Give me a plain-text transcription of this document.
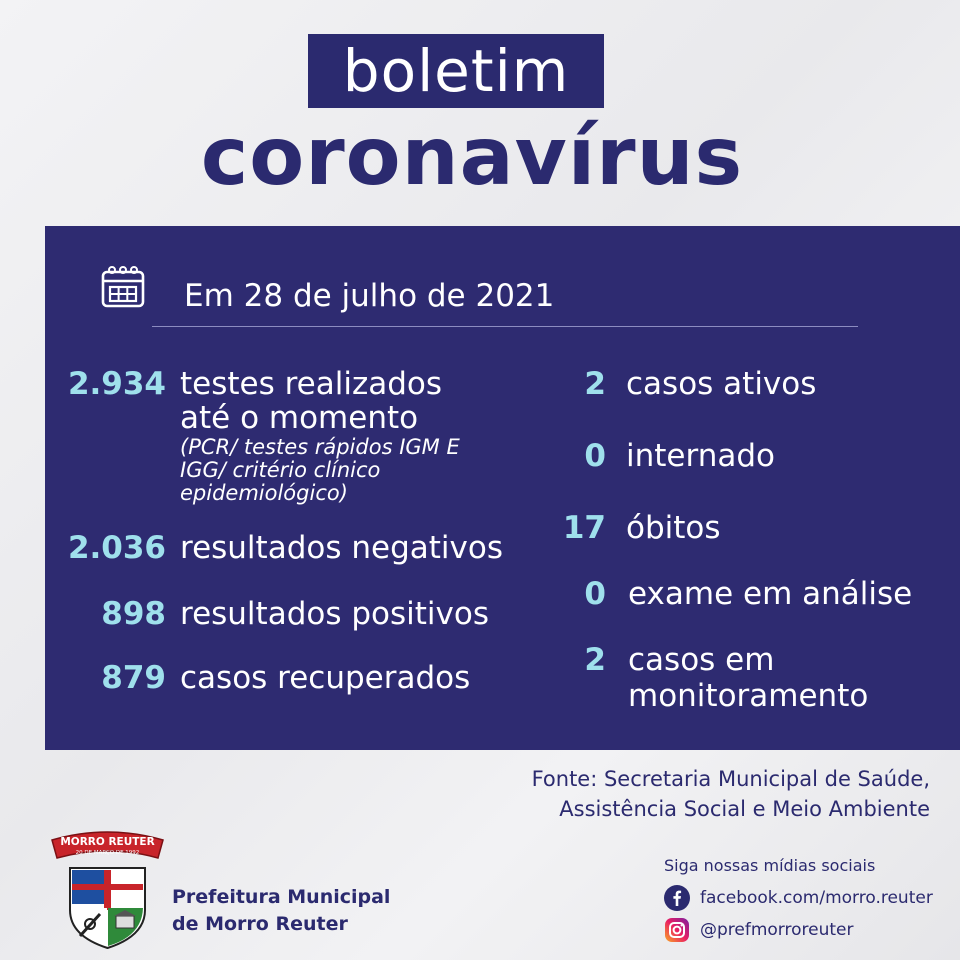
boletim
coronavírus
Em 28 de julho de 2021
2.934 testes realizados
até o momento
(PCR/ testes rápidos IGM E IGG/ critério clínico epidemiológico)
2.036 resultados negativos
898 resultados positivos
879 casos recuperados
2 casos ativos
0 internado
17 óbitos
0 exame em análise
2 casos em
monitoramento
Fonte: Secretaria Municipal de Saúde,
Assistência Social e Meio Ambiente
MORRO REUTER
20 DE MARÇO DE 1992
Prefeitura Municipal
de Morro Reuter
Siga nossas mídias sociais
facebook.com/morro.reuter
@prefmorroreuter
